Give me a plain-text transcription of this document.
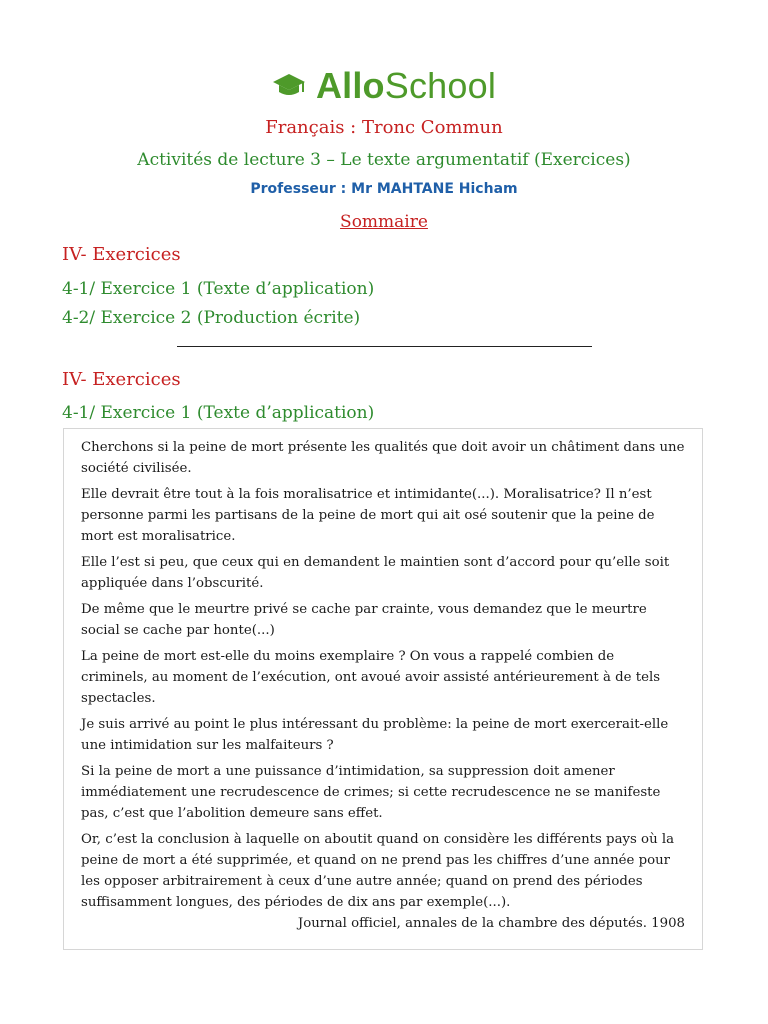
AlloSchool
Français : Tronc Commun
Activités de lecture 3 – Le texte argumentatif (Exercices)
Professeur : Mr MAHTANE Hicham
Sommaire
IV- Exercices
4-1/ Exercice 1 (Texte d’application)
4-2/ Exercice 2 (Production écrite)
IV- Exercices
4-1/ Exercice 1 (Texte d’application)

Cherchons si la peine de mort présente les qualités que doit avoir un châtiment dans une société civilisée.

Elle devrait être tout à la fois moralisatrice et intimidante(...). Moralisatrice? Il n’est personne parmi les partisans de la peine de mort qui ait osé soutenir que la peine de mort est moralisatrice.

Elle l’est si peu, que ceux qui en demandent le maintien sont d’accord pour qu’elle soit appliquée dans l’obscurité.

De même que le meurtre privé se cache par crainte, vous demandez que le meurtre social se cache par honte(...)

La peine de mort est-elle du moins exemplaire ? On vous a rappelé combien de criminels, au moment de l’exécution, ont avoué avoir assisté antérieurement à de tels spectacles.

Je suis arrivé au point le plus intéressant du problème: la peine de mort exercerait-elle une intimidation sur les malfaiteurs ?

Si la peine de mort a une puissance d’intimidation, sa suppression doit amener immédiatement une recrudescence de crimes; si cette recrudescence ne se manifeste pas, c’est que l’abolition demeure sans effet.

Or, c’est la conclusion à laquelle on aboutit quand on considère les différents pays où la peine de mort a été supprimée, et quand on ne prend pas les chiffres d’une année pour les opposer arbitrairement à ceux d’une autre année; quand on prend des périodes suffisamment longues, des périodes de dix ans par exemple(...).

Journal officiel, annales de la chambre des députés. 1908
